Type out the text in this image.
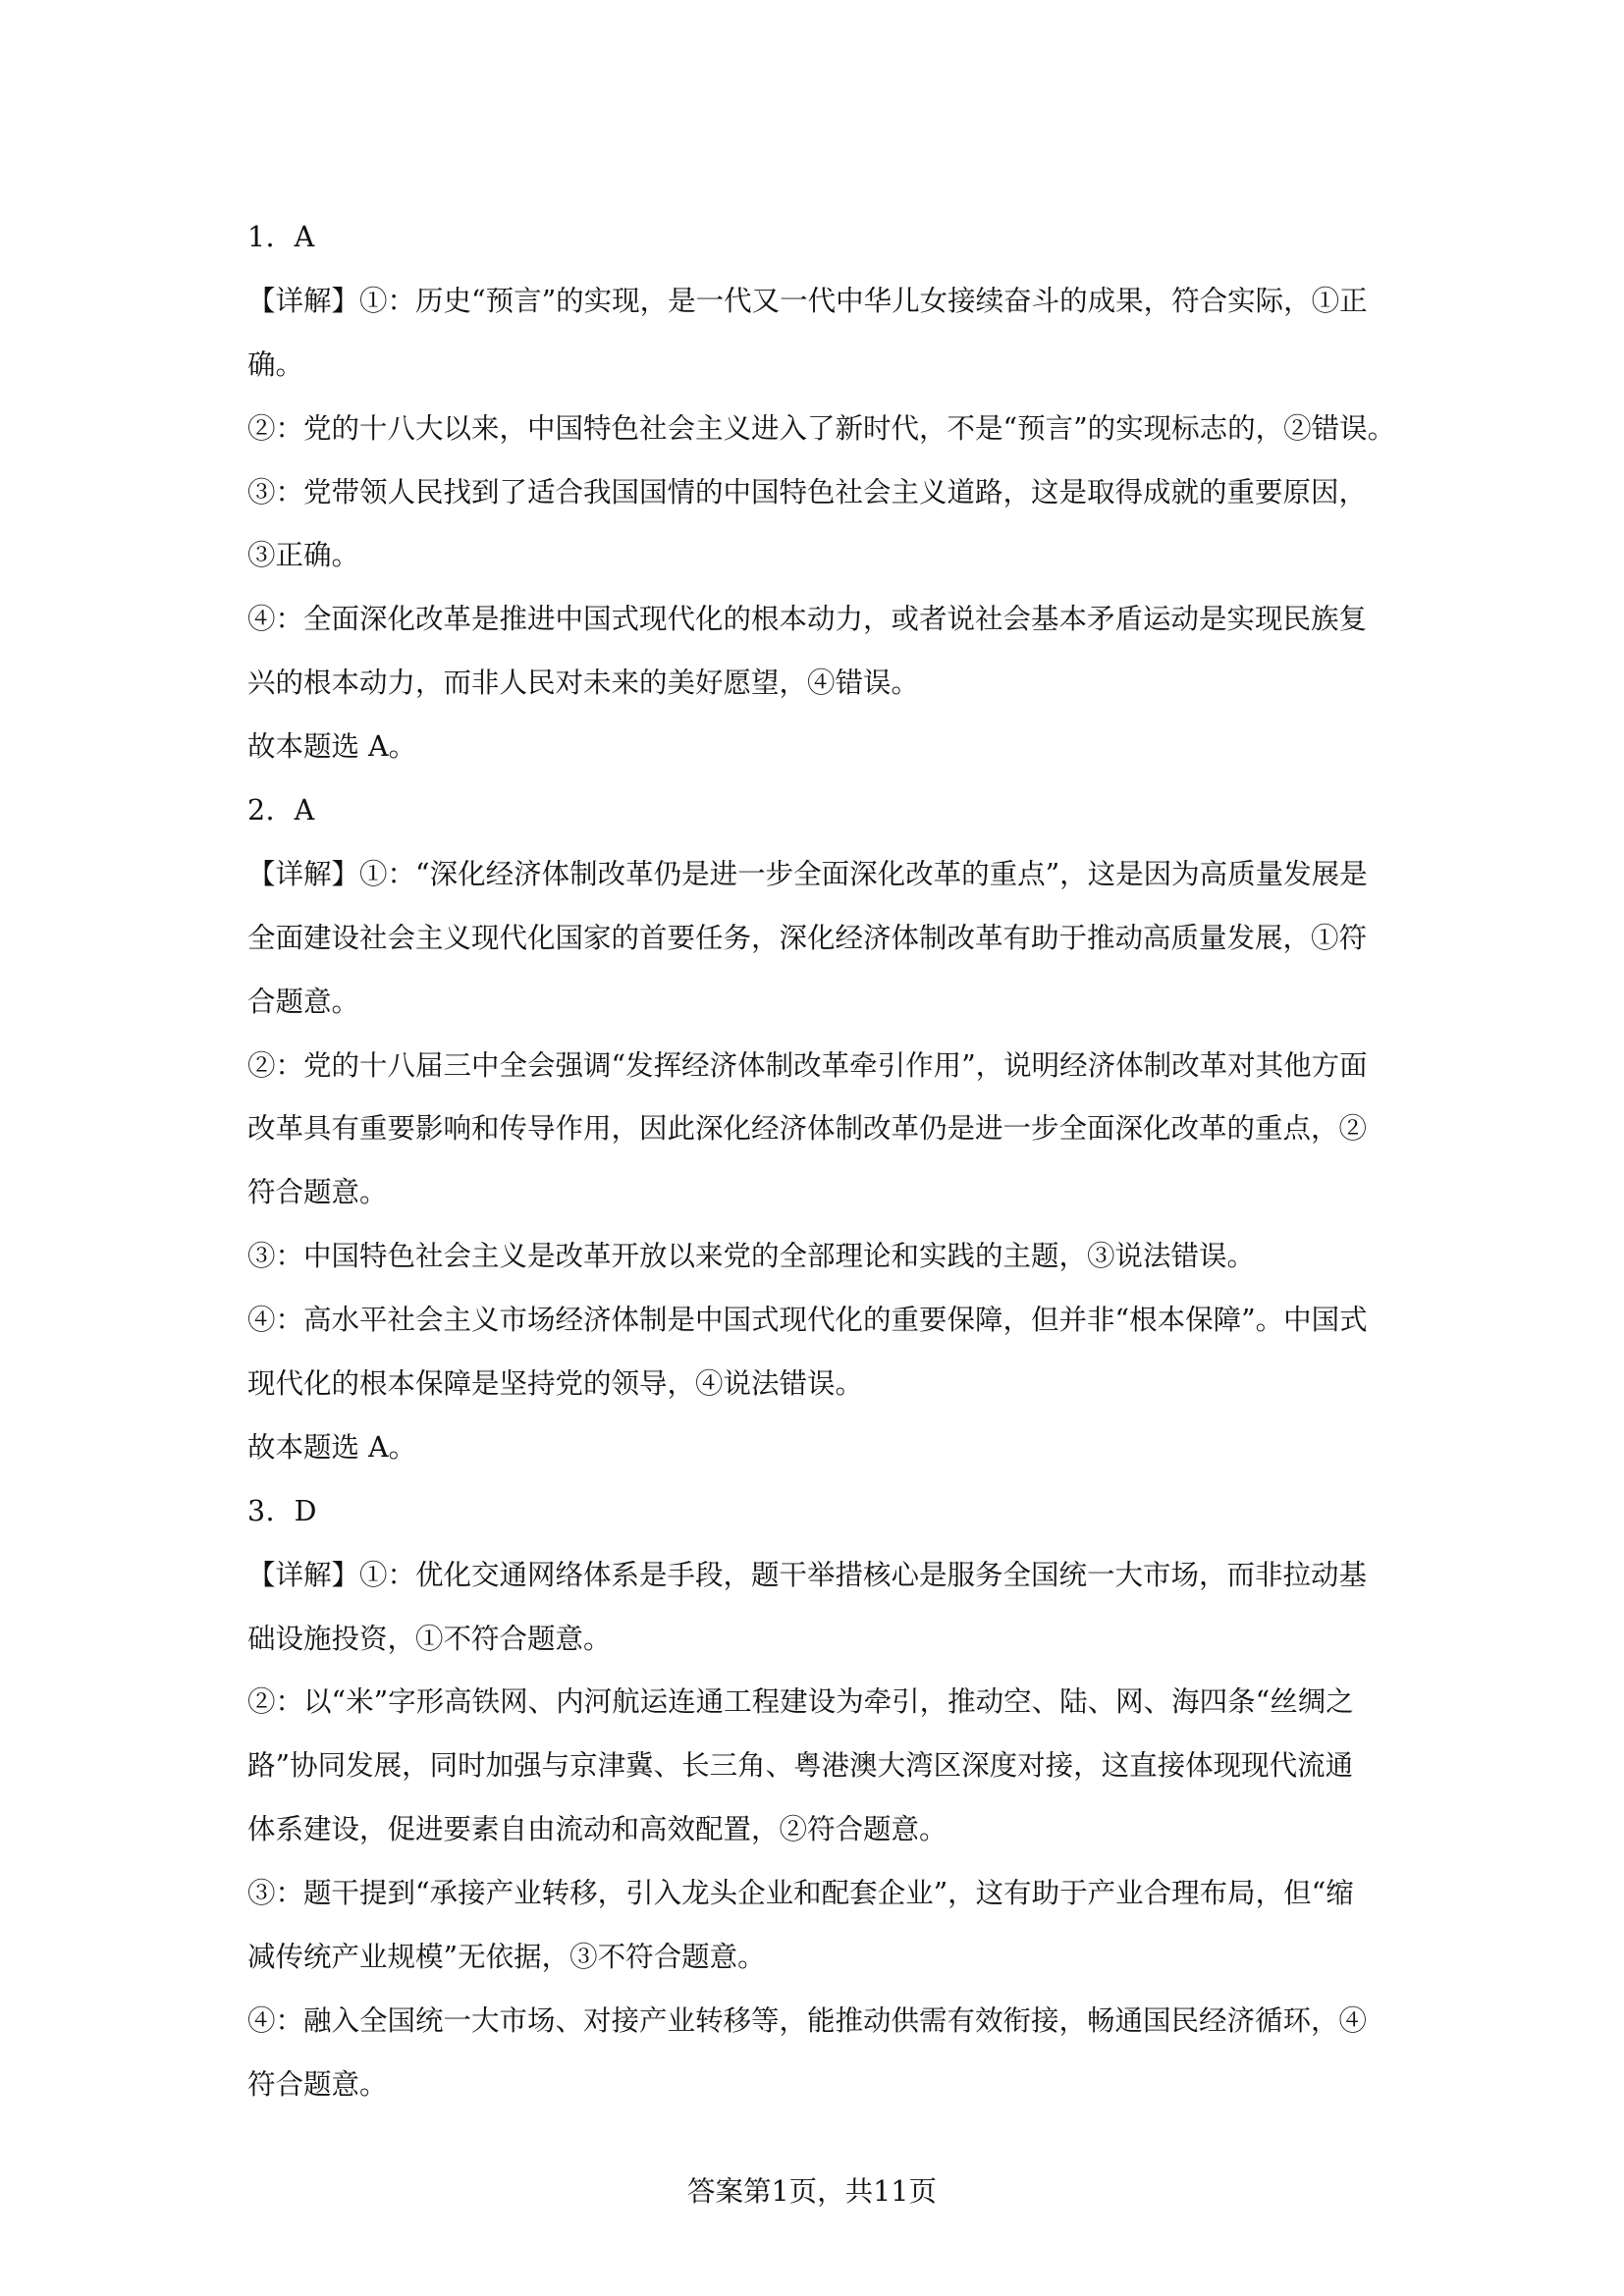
1．A
【详解】①：历史“预言”的实现，是一代又一代中华儿女接续奋斗的成果，符合实际，①正
确。
②：党的十八大以来，中国特色社会主义进入了新时代，不是“预言”的实现标志的，②错误。
③：党带领人民找到了适合我国国情的中国特色社会主义道路，这是取得成就的重要原因，
③正确。
④：全面深化改革是推进中国式现代化的根本动力，或者说社会基本矛盾运动是实现民族复
兴的根本动力，而非人民对未来的美好愿望，④错误。
故本题选 A。
2．A
【详解】①：“深化经济体制改革仍是进一步全面深化改革的重点”，这是因为高质量发展是
全面建设社会主义现代化国家的首要任务，深化经济体制改革有助于推动高质量发展，①符
合题意。
②：党的十八届三中全会强调“发挥经济体制改革牵引作用”，说明经济体制改革对其他方面
改革具有重要影响和传导作用，因此深化经济体制改革仍是进一步全面深化改革的重点，②
符合题意。
③：中国特色社会主义是改革开放以来党的全部理论和实践的主题，③说法错误。
④：高水平社会主义市场经济体制是中国式现代化的重要保障，但并非“根本保障”。中国式
现代化的根本保障是坚持党的领导，④说法错误。
故本题选 A。
3．D
【详解】①：优化交通网络体系是手段，题干举措核心是服务全国统一大市场，而非拉动基
础设施投资，①不符合题意。
②：以“米”字形高铁网、内河航运连通工程建设为牵引，推动空、陆、网、海四条“丝绸之
路”协同发展，同时加强与京津冀、长三角、粤港澳大湾区深度对接，这直接体现现代流通
体系建设，促进要素自由流动和高效配置，②符合题意。
③：题干提到“承接产业转移，引入龙头企业和配套企业”，这有助于产业合理布局，但“缩
减传统产业规模”无依据，③不符合题意。
④：融入全国统一大市场、对接产业转移等，能推动供需有效衔接，畅通国民经济循环，④
符合题意。
答案第1页，共11页
